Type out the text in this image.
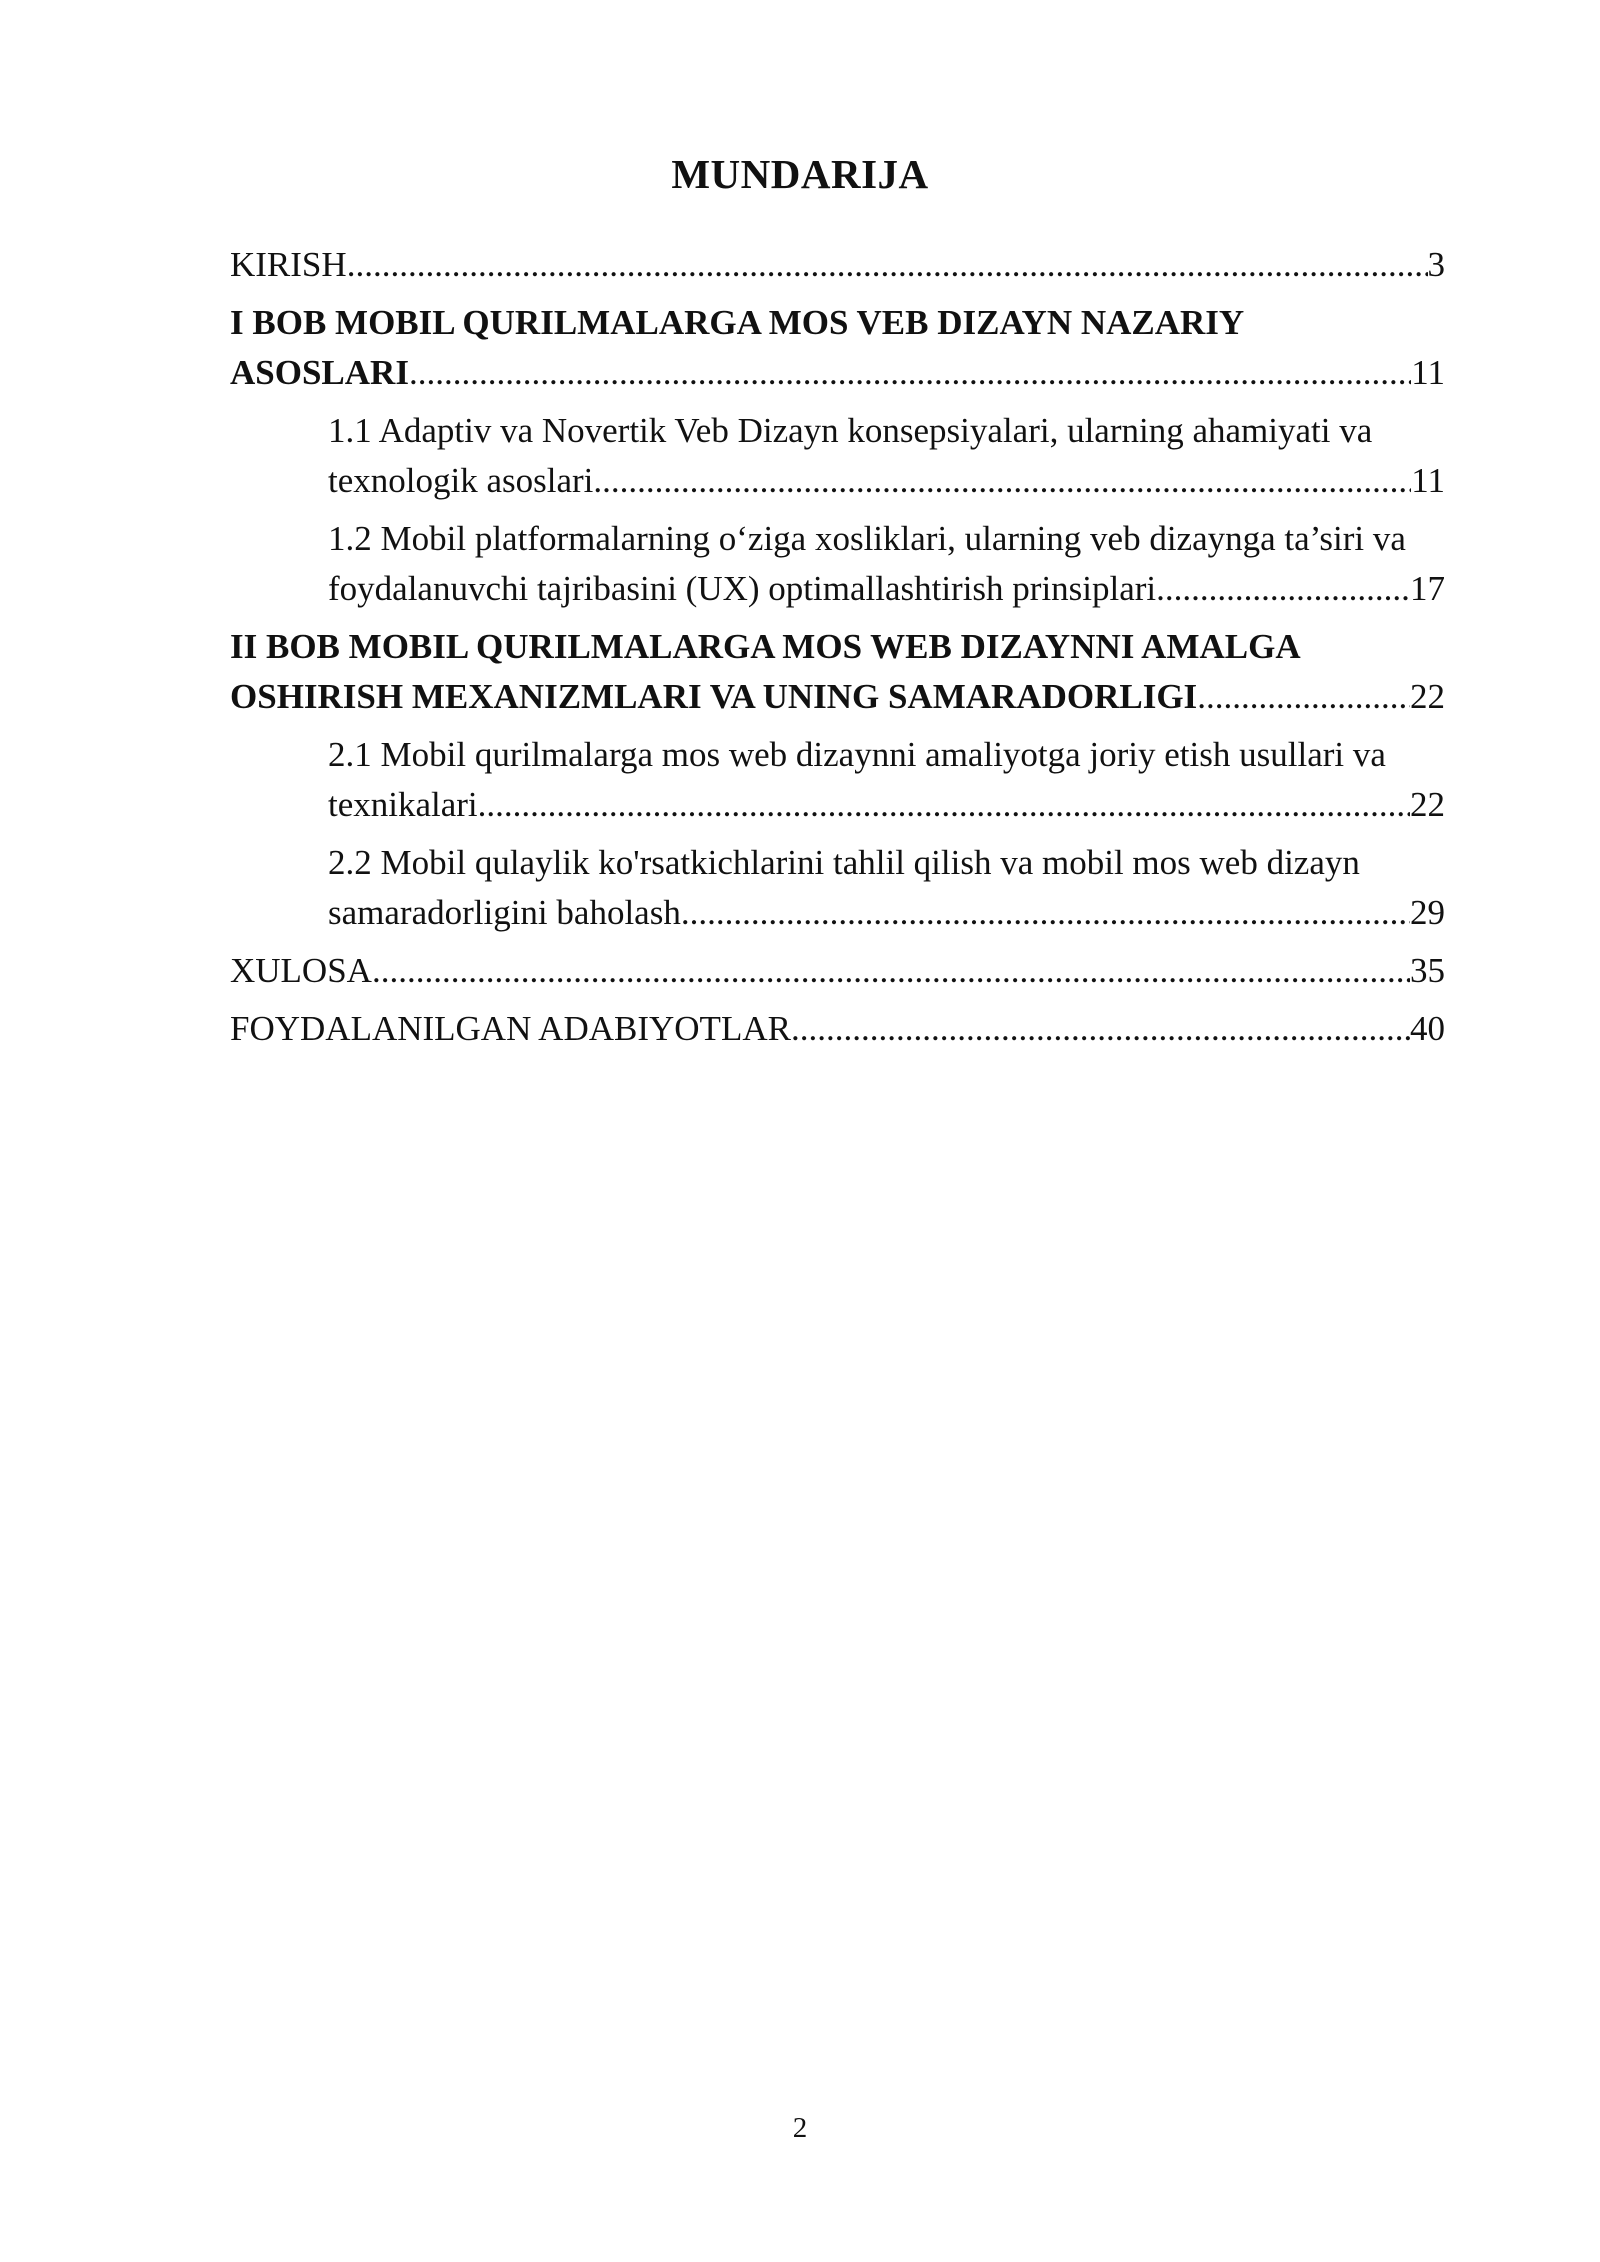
MUNDARIJA
KIRISH .....	3
I BOB MOBIL QURILMALARGA MOS VEB DIZAYN NAZARIY
ASOSLARI .....	11
1.1 Adaptiv va Novertik Veb Dizayn konsepsiyalari, ularning ahamiyati va
texnologik asoslari .....	11
1.2 Mobil platformalarning o‘ziga xosliklari, ularning veb dizaynga ta’siri va
foydalanuvchi tajribasini (UX) optimallashtirish prinsiplari .....	17
II BOB MOBIL QURILMALARGA MOS WEB DIZAYNNI AMALGA
OSHIRISH MEXANIZMLARI VA UNING SAMARADORLIGI .....	22
2.1 Mobil qurilmalarga mos web dizaynni amaliyotga joriy etish usullari va
texnikalari .....	22
2.2 Mobil qulaylik ko'rsatkichlarini tahlil qilish va mobil mos web dizayn
samaradorligini baholash .....	29
XULOSA .....	35
FOYDALANILGAN ADABIYOTLAR .....	40
2
